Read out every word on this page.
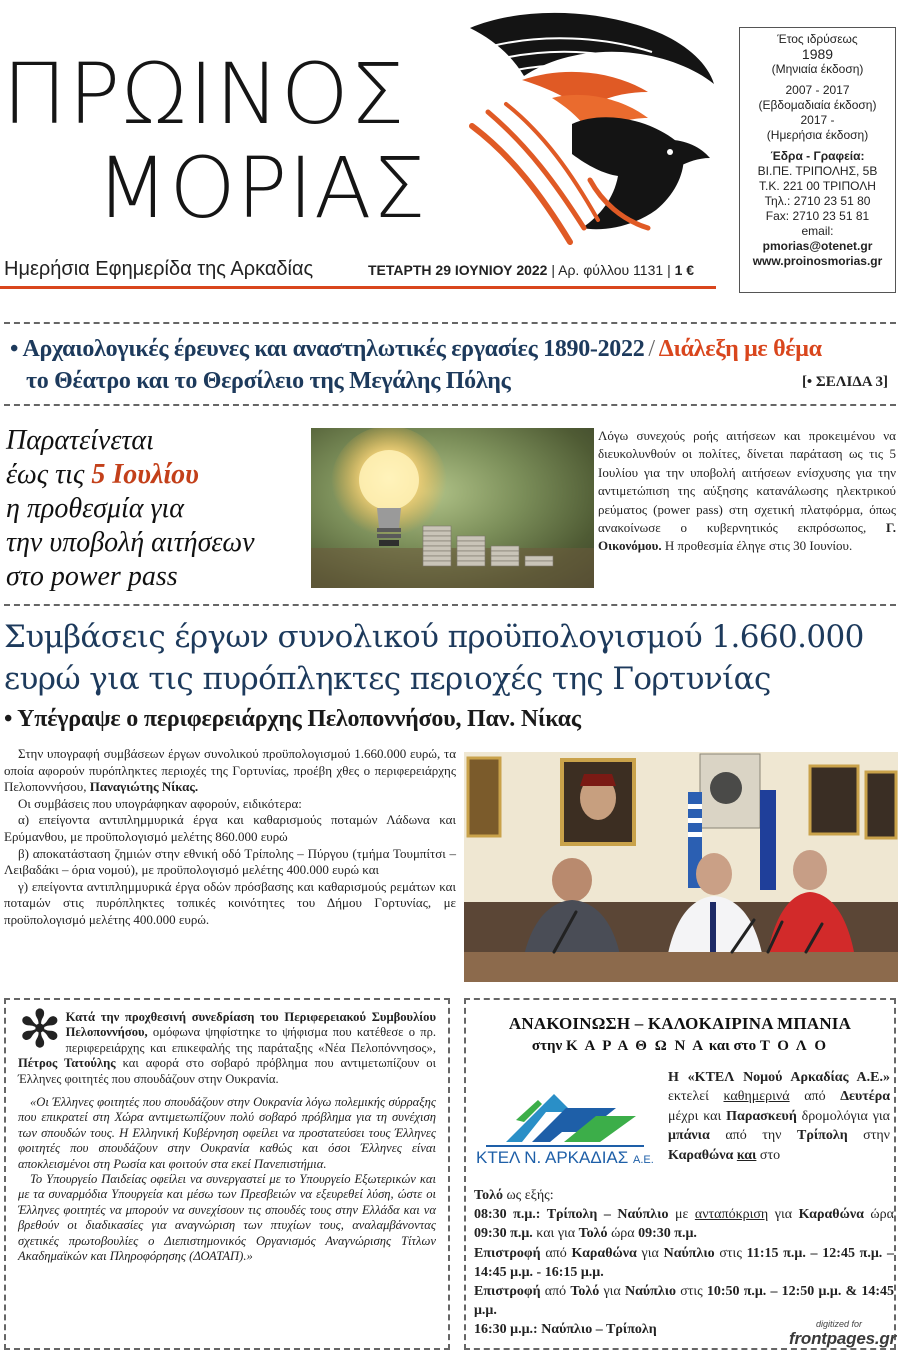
ΠΡΩΙΝΟΣ
ΜΟΡΙΑΣ
Ημερήσια Εφημερίδα της Αρκαδίας	ΤΕΤΑΡΤΗ 29 ΙΟΥΝΙΟΥ 2022 | Αρ. φύλλου 1131 | 1 €
Έτος ιδρύσεως
1989
(Μηνιαία έκδοση)
2007 - 2017
(Εβδομαδιαία έκδοση)
2017 -
(Ημερήσια έκδοση)
Έδρα - Γραφεία:
ΒΙ.ΠΕ. ΤΡΙΠΟΛΗΣ, 5Β
Τ.Κ. 221 00 ΤΡΙΠΟΛΗ
Τηλ.: 2710 23 51 80
Fax: 2710 23 51 81
email:
pmorias@otenet.gr
www.proinosmorias.gr
• Αρχαιολογικές έρευνες και αναστηλωτικές εργασίες 1890-2022 / Διάλεξη με θέμα
το Θέατρο και το Θερσίλειο της Μεγάλης Πόλης	[• ΣΕΛΙΔΑ 3]
Παρατείνεται
έως τις 5 Ιουλίου
η προθεσμία για
την υποβολή αιτήσεων
στο power pass
Λόγω συνεχούς ροής αιτήσεων και προκειμένου να διευκολυνθούν οι πολίτες, δίνεται παράταση ως τις 5 Ιουλίου για την υποβολή αιτήσεων ενίσχυσης για την αντιμετώπιση της αύξησης κατανάλωσης ηλεκτρικού ρεύματος (power pass) στη σχετική πλατφόρμα, όπως ανακοίνωσε ο κυβερνητικός εκπρόσωπος, Γ. Οικονόμου. Η προθεσμία έληγε στις 30 Ιουνίου.
Συμβάσεις έργων συνολικού προϋπολογισμού 1.660.000 ευρώ για τις πυρόπληκτες περιοχές της Γορτυνίας
• Υπέγραψε ο περιφερειάρχης Πελοποννήσου, Παν. Νίκας

Στην υπογραφή συμβάσεων έργων συνολικού προϋπολογισμού 1.660.000 ευρώ, τα οποία αφορούν πυρόπληκτες περιοχές της Γορτυνίας, προέβη χθες ο περιφερειάρχης Πελοποννήσου, Παναγιώτης Νίκας.

Οι συμβάσεις που υπογράφηκαν αφορούν, ειδικότερα:

α) επείγοντα αντιπλημμυρικά έργα και καθαρισμούς ποταμών Λάδωνα και Ερύμανθου, με προϋπολογισμό μελέτης 860.000 ευρώ

β) αποκατάσταση ζημιών στην εθνική οδό Τρίπολης – Πύργου (τμήμα Τουμπίτσι – Λειβαδάκι – όρια νομού), με προϋπολογισμό μελέτης 400.000 ευρώ και

γ) επείγοντα αντιπλημμυρικά έργα οδών πρόσβασης και καθαρισμούς ρεμάτων και ποταμών στις πυρόπληκτες τοπικές κοινότητες του Δήμου Γορτυνίας, με προϋπολογισμό μελέτης 400.000 ευρώ.

✻ Κατά την προχθεσινή συνεδρίαση του Περιφερειακού Συμβουλίου Πελοποννήσου, ομόφωνα ψηφίστηκε το ψήφισμα που κατέθεσε ο πρ. περιφερειάρχης και επικεφαλής της παράταξης «Νέα Πελοπόννησος», Πέτρος Τατούλης και αφορά στο σοβαρό πρόβλημα που αντιμετωπίζουν οι Έλληνες φοιτητές που σπουδάζουν στην Ουκρανία.

«Οι Έλληνες φοιτητές που σπουδάζουν στην Ουκρανία λόγω πολεμικής σύρραξης που επικρατεί στη Χώρα αντιμετωπίζουν πολύ σοβαρό πρόβλημα για τη συνέχιση των σπουδών τους. Η Ελληνική Κυβέρνηση οφείλει να προστατεύσει τους Έλληνες φοιτητές που σπουδάζουν στην Ουκρανία καθώς και όσοι Έλληνες είναι αποκλεισμένοι στη Ρωσία και φοιτούν στα εκεί Πανεπιστήμια.

Το Υπουργείο Παιδείας οφείλει να συνεργαστεί με το Υπουργείο Εξωτερικών και με τα συναρμόδια Υπουργεία και μέσω των Πρεσβειών να εξευρεθεί λύση, ώστε οι Έλληνες φοιτητές να μπορούν να συνεχίσουν τις σπουδές τους στην Ελλάδα και να βρεθούν οι διαδικασίες για αναγνώριση των πτυχίων τους, αναλαμβάνοντας σχετικές πρωτοβουλίες ο Διεπιστημονικός Οργανισμός Αναγνώρισης Τίτλων Ακαδημαϊκών και Πληροφόρησης (ΔΟΑΤΑΠ).»

ΑΝΑΚΟΙΝΩΣΗ – ΚΑΛΟΚΑΙΡΙΝΑ ΜΠΑΝΙΑ
στην Κ Α Ρ Α Θ Ω Ν Α και στο Τ Ο Λ Ο
ΚΤΕΛ Ν. ΑΡΚΑΔΙΑΣ Α.Ε.
Η «ΚΤΕΛ Νομού Αρκαδίας Α.Ε.» εκτελεί καθημερινά από Δευτέρα μέχρι και Παρασκευή δρομολόγια για μπάνια από την Τρίπολη στην Καραθώνα και στο
Τολό ως εξής:
08:30 π.μ.: Τρίπολη – Ναύπλιο με ανταπόκριση για Καραθώνα ώρα 09:30 π.μ. και για Τολό ώρα 09:30 π.μ.
Επιστροφή από Καραθώνα για Ναύπλιο στις 11:15 π.μ. – 12:45 π.μ. – 14:45 μ.μ. - 16:15 μ.μ.
Επιστροφή από Τολό για Ναύπλιο στις 10:50 π.μ. – 12:50 μ.μ. & 14:45 μ.μ.
16:30 μ.μ.: Ναύπλιο – Τρίπολη	digitized for
frontpages.gr
